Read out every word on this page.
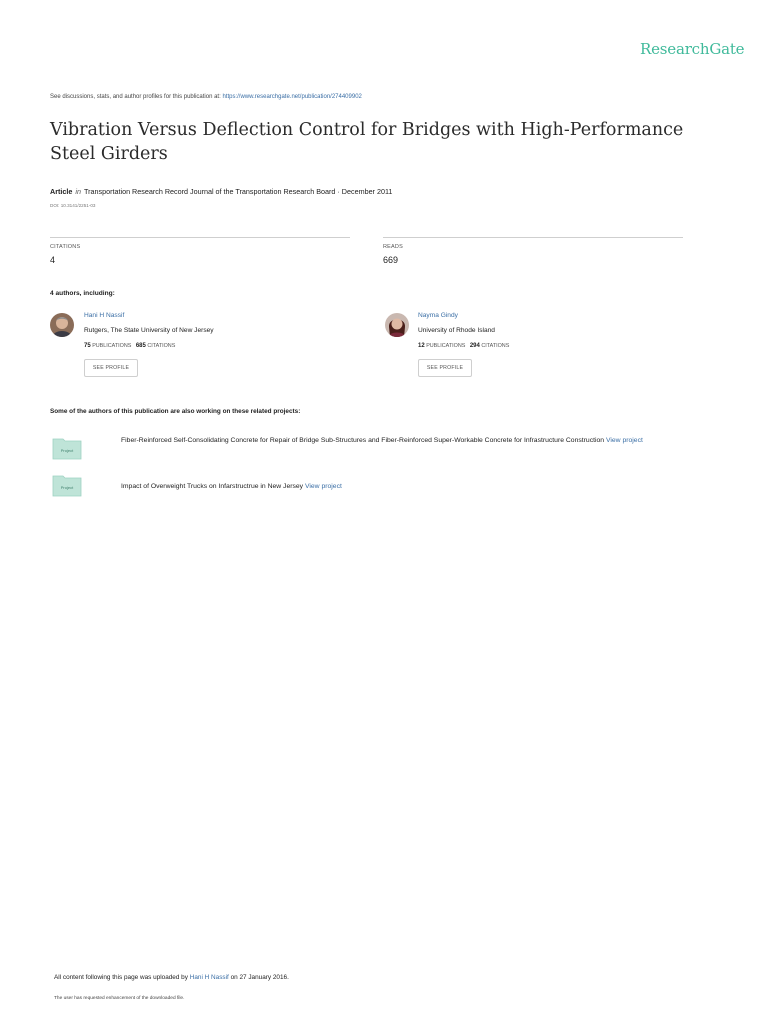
ResearchGate
See discussions, stats, and author profiles for this publication at: https://www.researchgate.net/publication/274409902
Vibration Versus Deflection Control for Bridges with High-Performance Steel Girders
Article in Transportation Research Record Journal of the Transportation Research Board · December 2011
DOI: 10.3141/2251-03
CITATIONS
4
READS
669
4 authors, including:
Hani H Nassif
Rutgers, The State University of New Jersey
75 PUBLICATIONS 685 CITATIONS
SEE PROFILE
Nayma Gindy
University of Rhode Island
12 PUBLICATIONS 294 CITATIONS
SEE PROFILE
Some of the authors of this publication are also working on these related projects:
Project
Fiber-Reinforced Self-Consolidating Concrete for Repair of Bridge Sub-Structures and Fiber-Reinforced Super-Workable Concrete for Infrastructure Construction View project
Project	Impact of Overweight Trucks on Infarstructrue in New Jersey View project
All content following this page was uploaded by Hani H Nassif on 27 January 2016.
The user has requested enhancement of the downloaded file.
